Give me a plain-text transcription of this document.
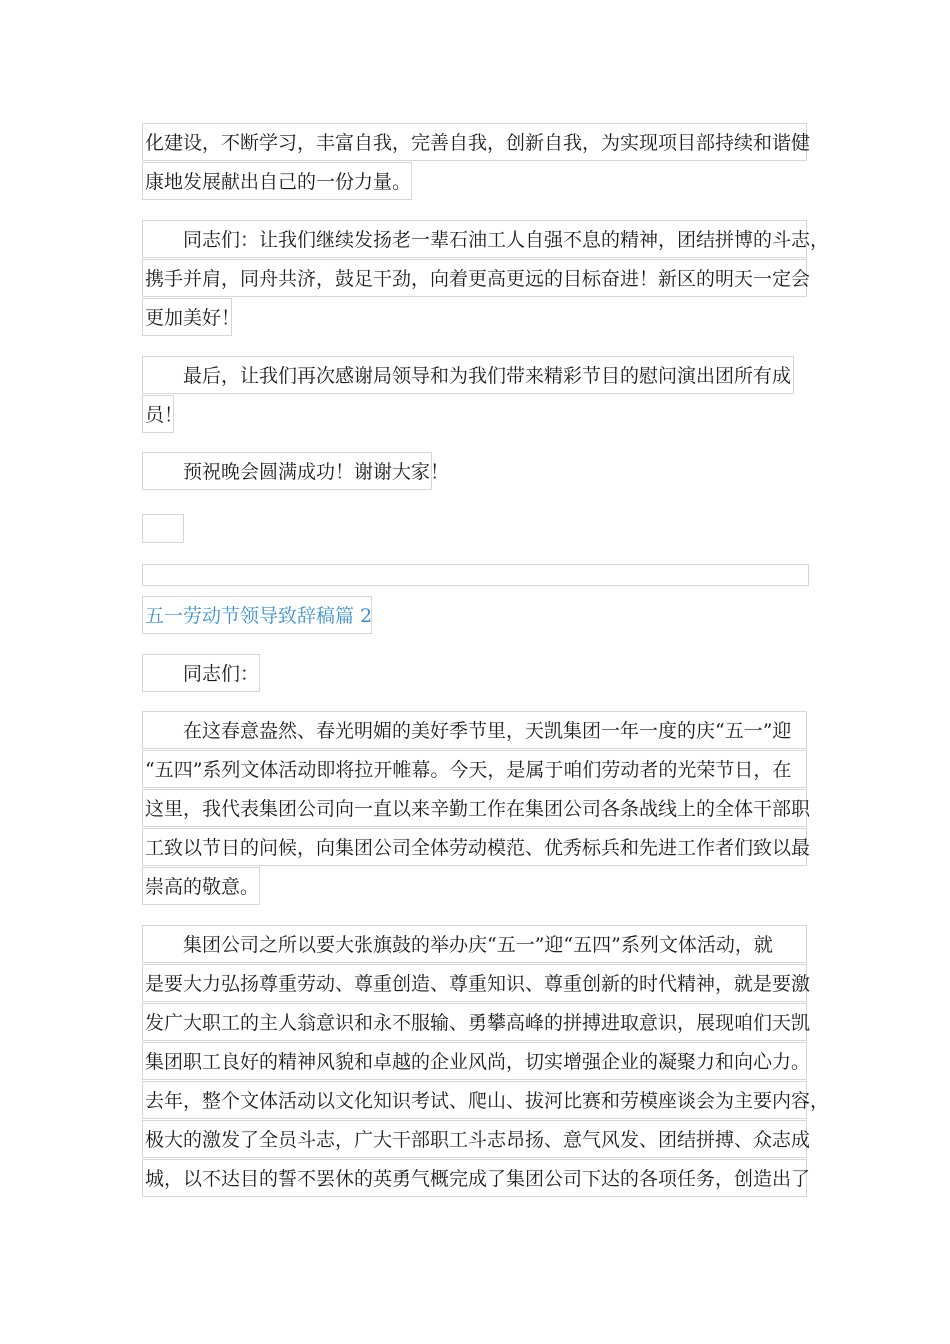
化建设，不断学习，丰富自我，完善自我，创新自我，为实现项目部持续和谐健
康地发展献出自己的一份力量。
同志们：让我们继续发扬老一辈石油工人自强不息的精神，团结拼博的斗志，
携手并肩，同舟共济，鼓足干劲，向着更高更远的目标奋进！新区的明天一定会
更加美好！
最后，让我们再次感谢局领导和为我们带来精彩节目的慰问演出团所有成
员！
预祝晚会圆满成功！谢谢大家！
五一劳动节领导致辞稿篇 2
同志们：
在这春意盎然、春光明媚的美好季节里，天凯集团一年一度的庆“五一”迎
“五四”系列文体活动即将拉开帷幕。今天，是属于咱们劳动者的光荣节日，在
这里，我代表集团公司向一直以来辛勤工作在集团公司各条战线上的全体干部职
工致以节日的问候，向集团公司全体劳动模范、优秀标兵和先进工作者们致以最
崇高的敬意。
集团公司之所以要大张旗鼓的举办庆“五一”迎“五四”系列文体活动，就
是要大力弘扬尊重劳动、尊重创造、尊重知识、尊重创新的时代精神，就是要激
发广大职工的主人翁意识和永不服输、勇攀高峰的拼搏进取意识，展现咱们天凯
集团职工良好的精神风貌和卓越的企业风尚，切实增强企业的凝聚力和向心力。
去年，整个文体活动以文化知识考试、爬山、拔河比赛和劳模座谈会为主要内容，
极大的激发了全员斗志，广大干部职工斗志昂扬、意气风发、团结拼搏、众志成
城，以不达目的誓不罢休的英勇气概完成了集团公司下达的各项任务，创造出了
